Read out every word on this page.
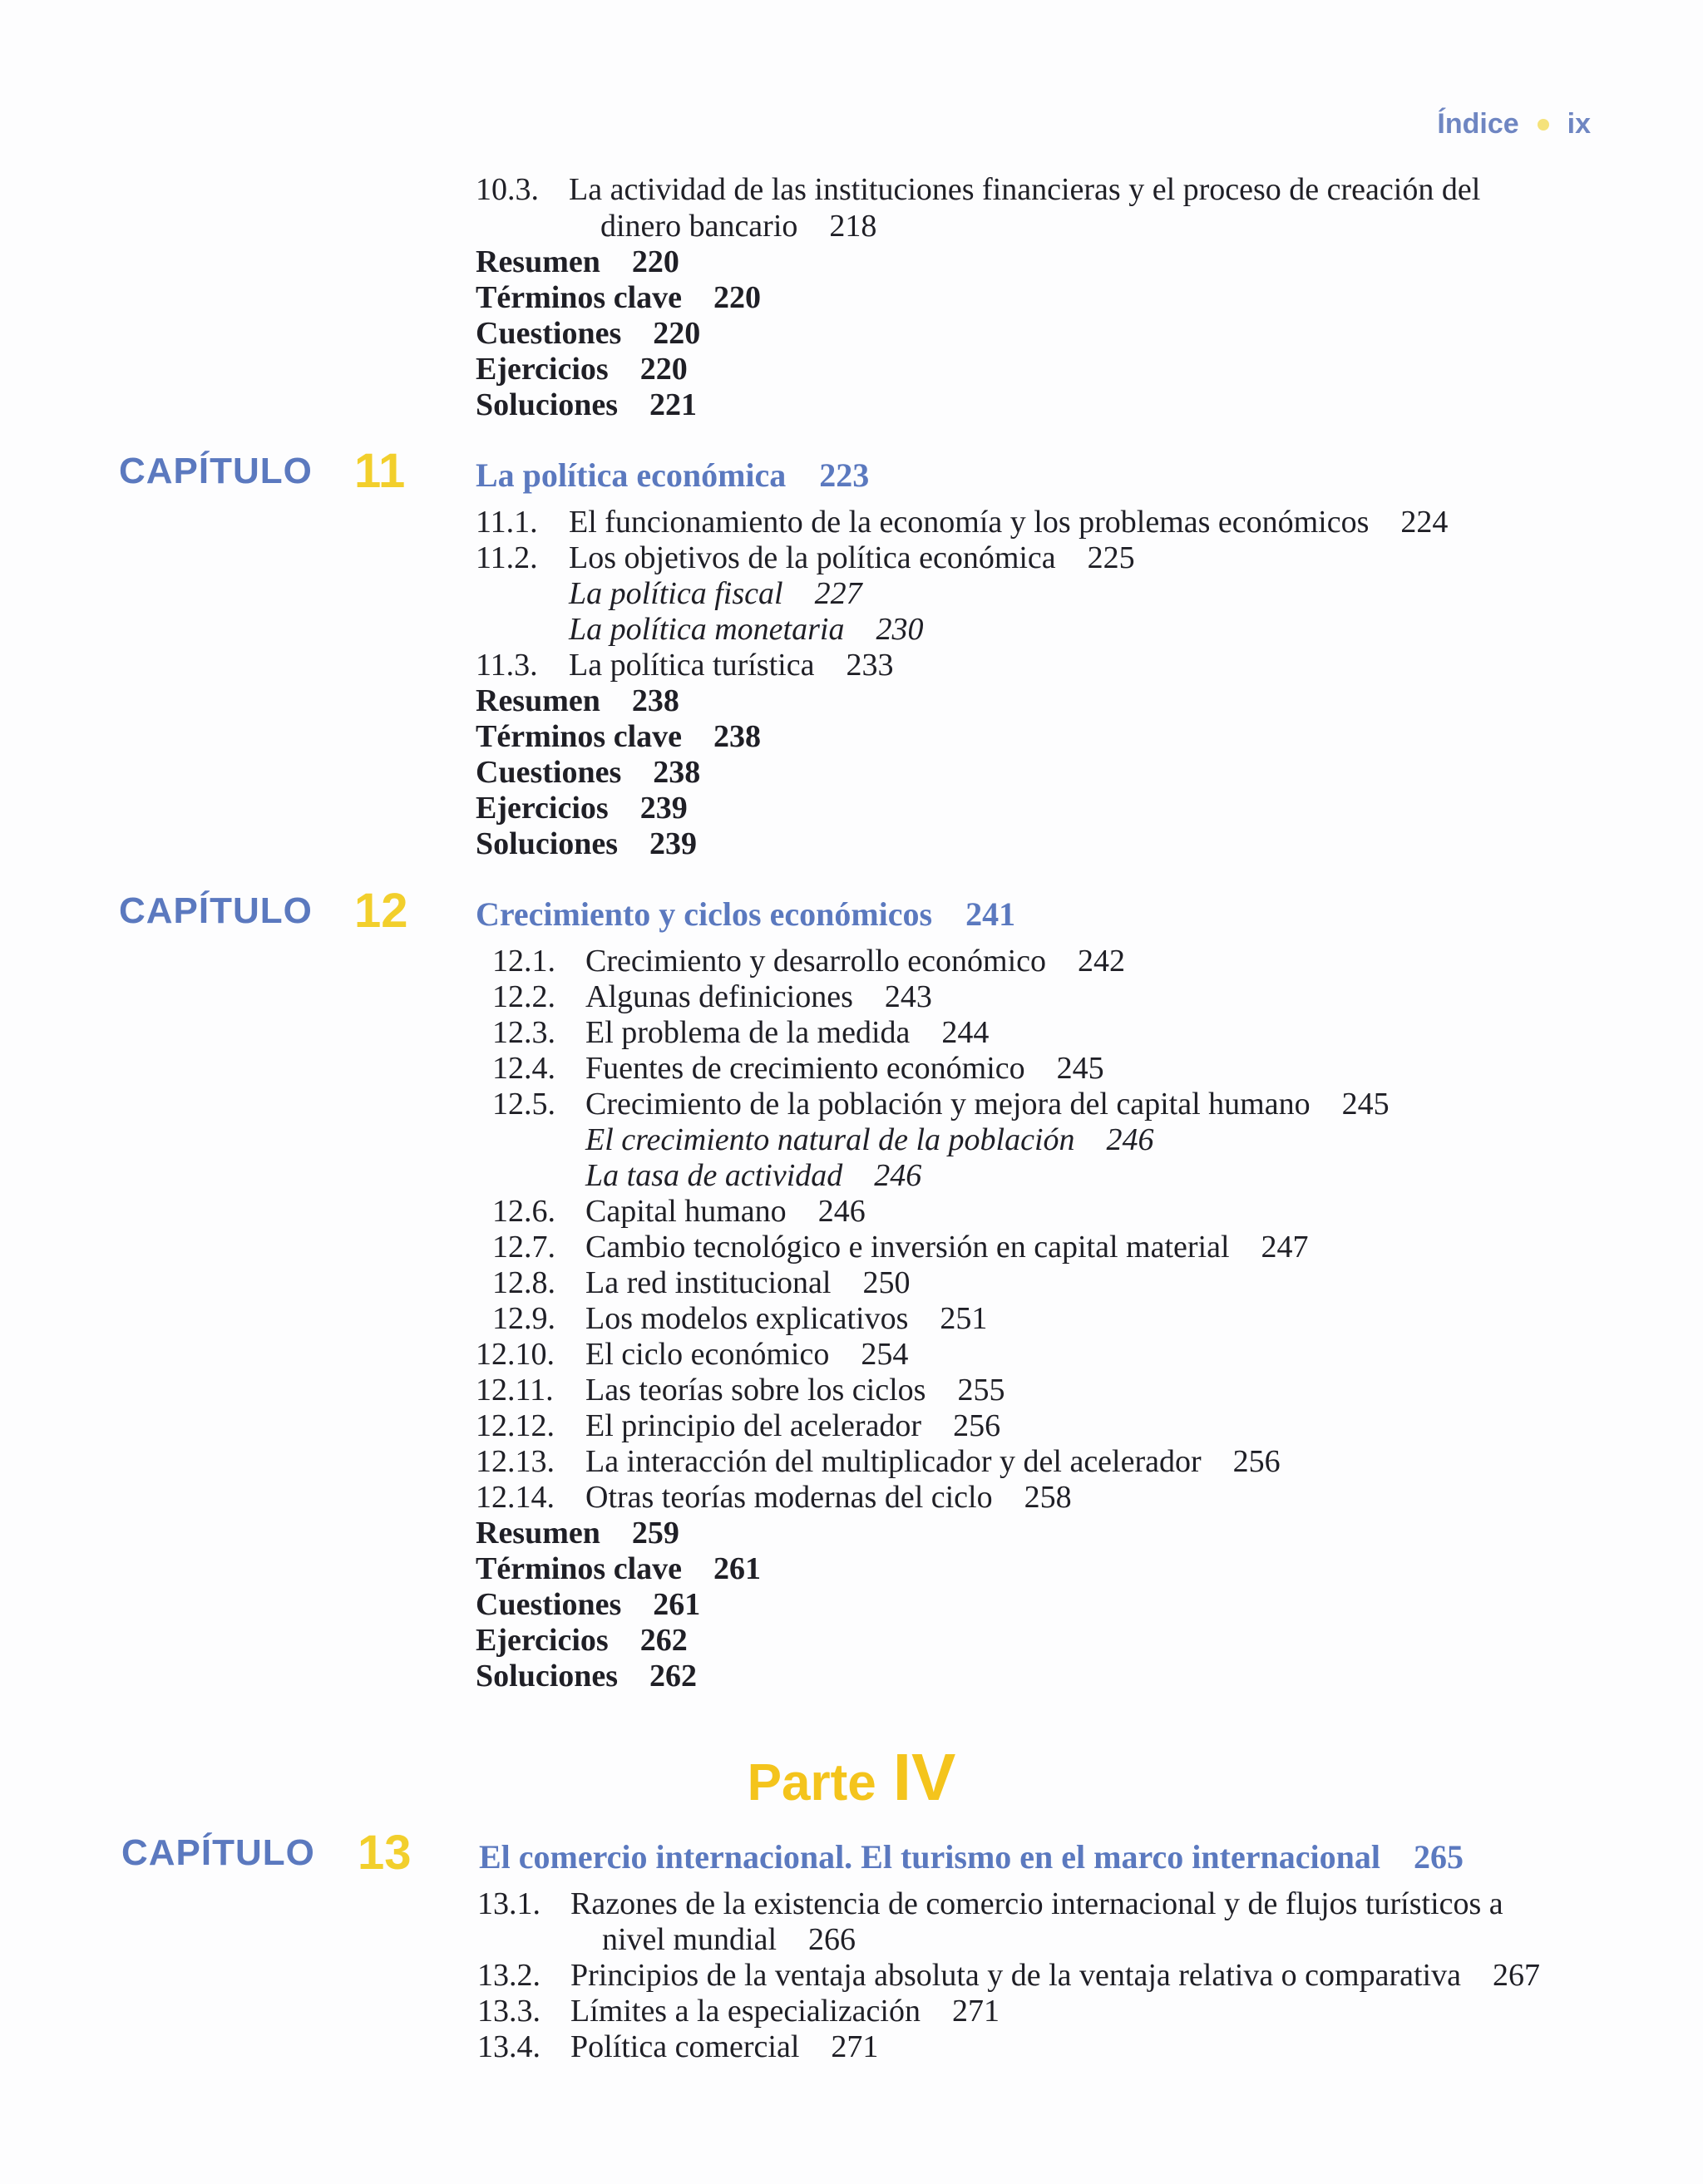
Índice ix
10.3. La actividad de las instituciones financieras y el proceso de creación del
dinero bancario 218
Resumen 220
Términos clave 220
Cuestiones 220
Ejercicios 220
Soluciones 221
CAPÍTULO 11 La política económica 223
11.1. El funcionamiento de la economía y los problemas económicos 224
11.2. Los objetivos de la política económica 225
La política fiscal 227
La política monetaria 230
11.3. La política turística 233
Resumen 238
Términos clave 238
Cuestiones 238
Ejercicios 239
Soluciones 239
CAPÍTULO 12 Crecimiento y ciclos económicos 241
12.1. Crecimiento y desarrollo económico 242
12.2. Algunas definiciones 243
12.3. El problema de la medida 244
12.4. Fuentes de crecimiento económico 245
12.5. Crecimiento de la población y mejora del capital humano 245
El crecimiento natural de la población 246
La tasa de actividad 246
12.6. Capital humano 246
12.7. Cambio tecnológico e inversión en capital material 247
12.8. La red institucional 250
12.9. Los modelos explicativos 251
12.10. El ciclo económico 254
12.11. Las teorías sobre los ciclos 255
12.12. El principio del acelerador 256
12.13. La interacción del multiplicador y del acelerador 256
12.14. Otras teorías modernas del ciclo 258
Resumen 259
Términos clave 261
Cuestiones 261
Ejercicios 262
Soluciones 262
Parte IV
CAPÍTULO 13 El comercio internacional. El turismo en el marco internacional 265
13.1. Razones de la existencia de comercio internacional y de flujos turísticos a
nivel mundial 266
13.2. Principios de la ventaja absoluta y de la ventaja relativa o comparativa 267
13.3. Límites a la especialización 271
13.4. Política comercial 271
